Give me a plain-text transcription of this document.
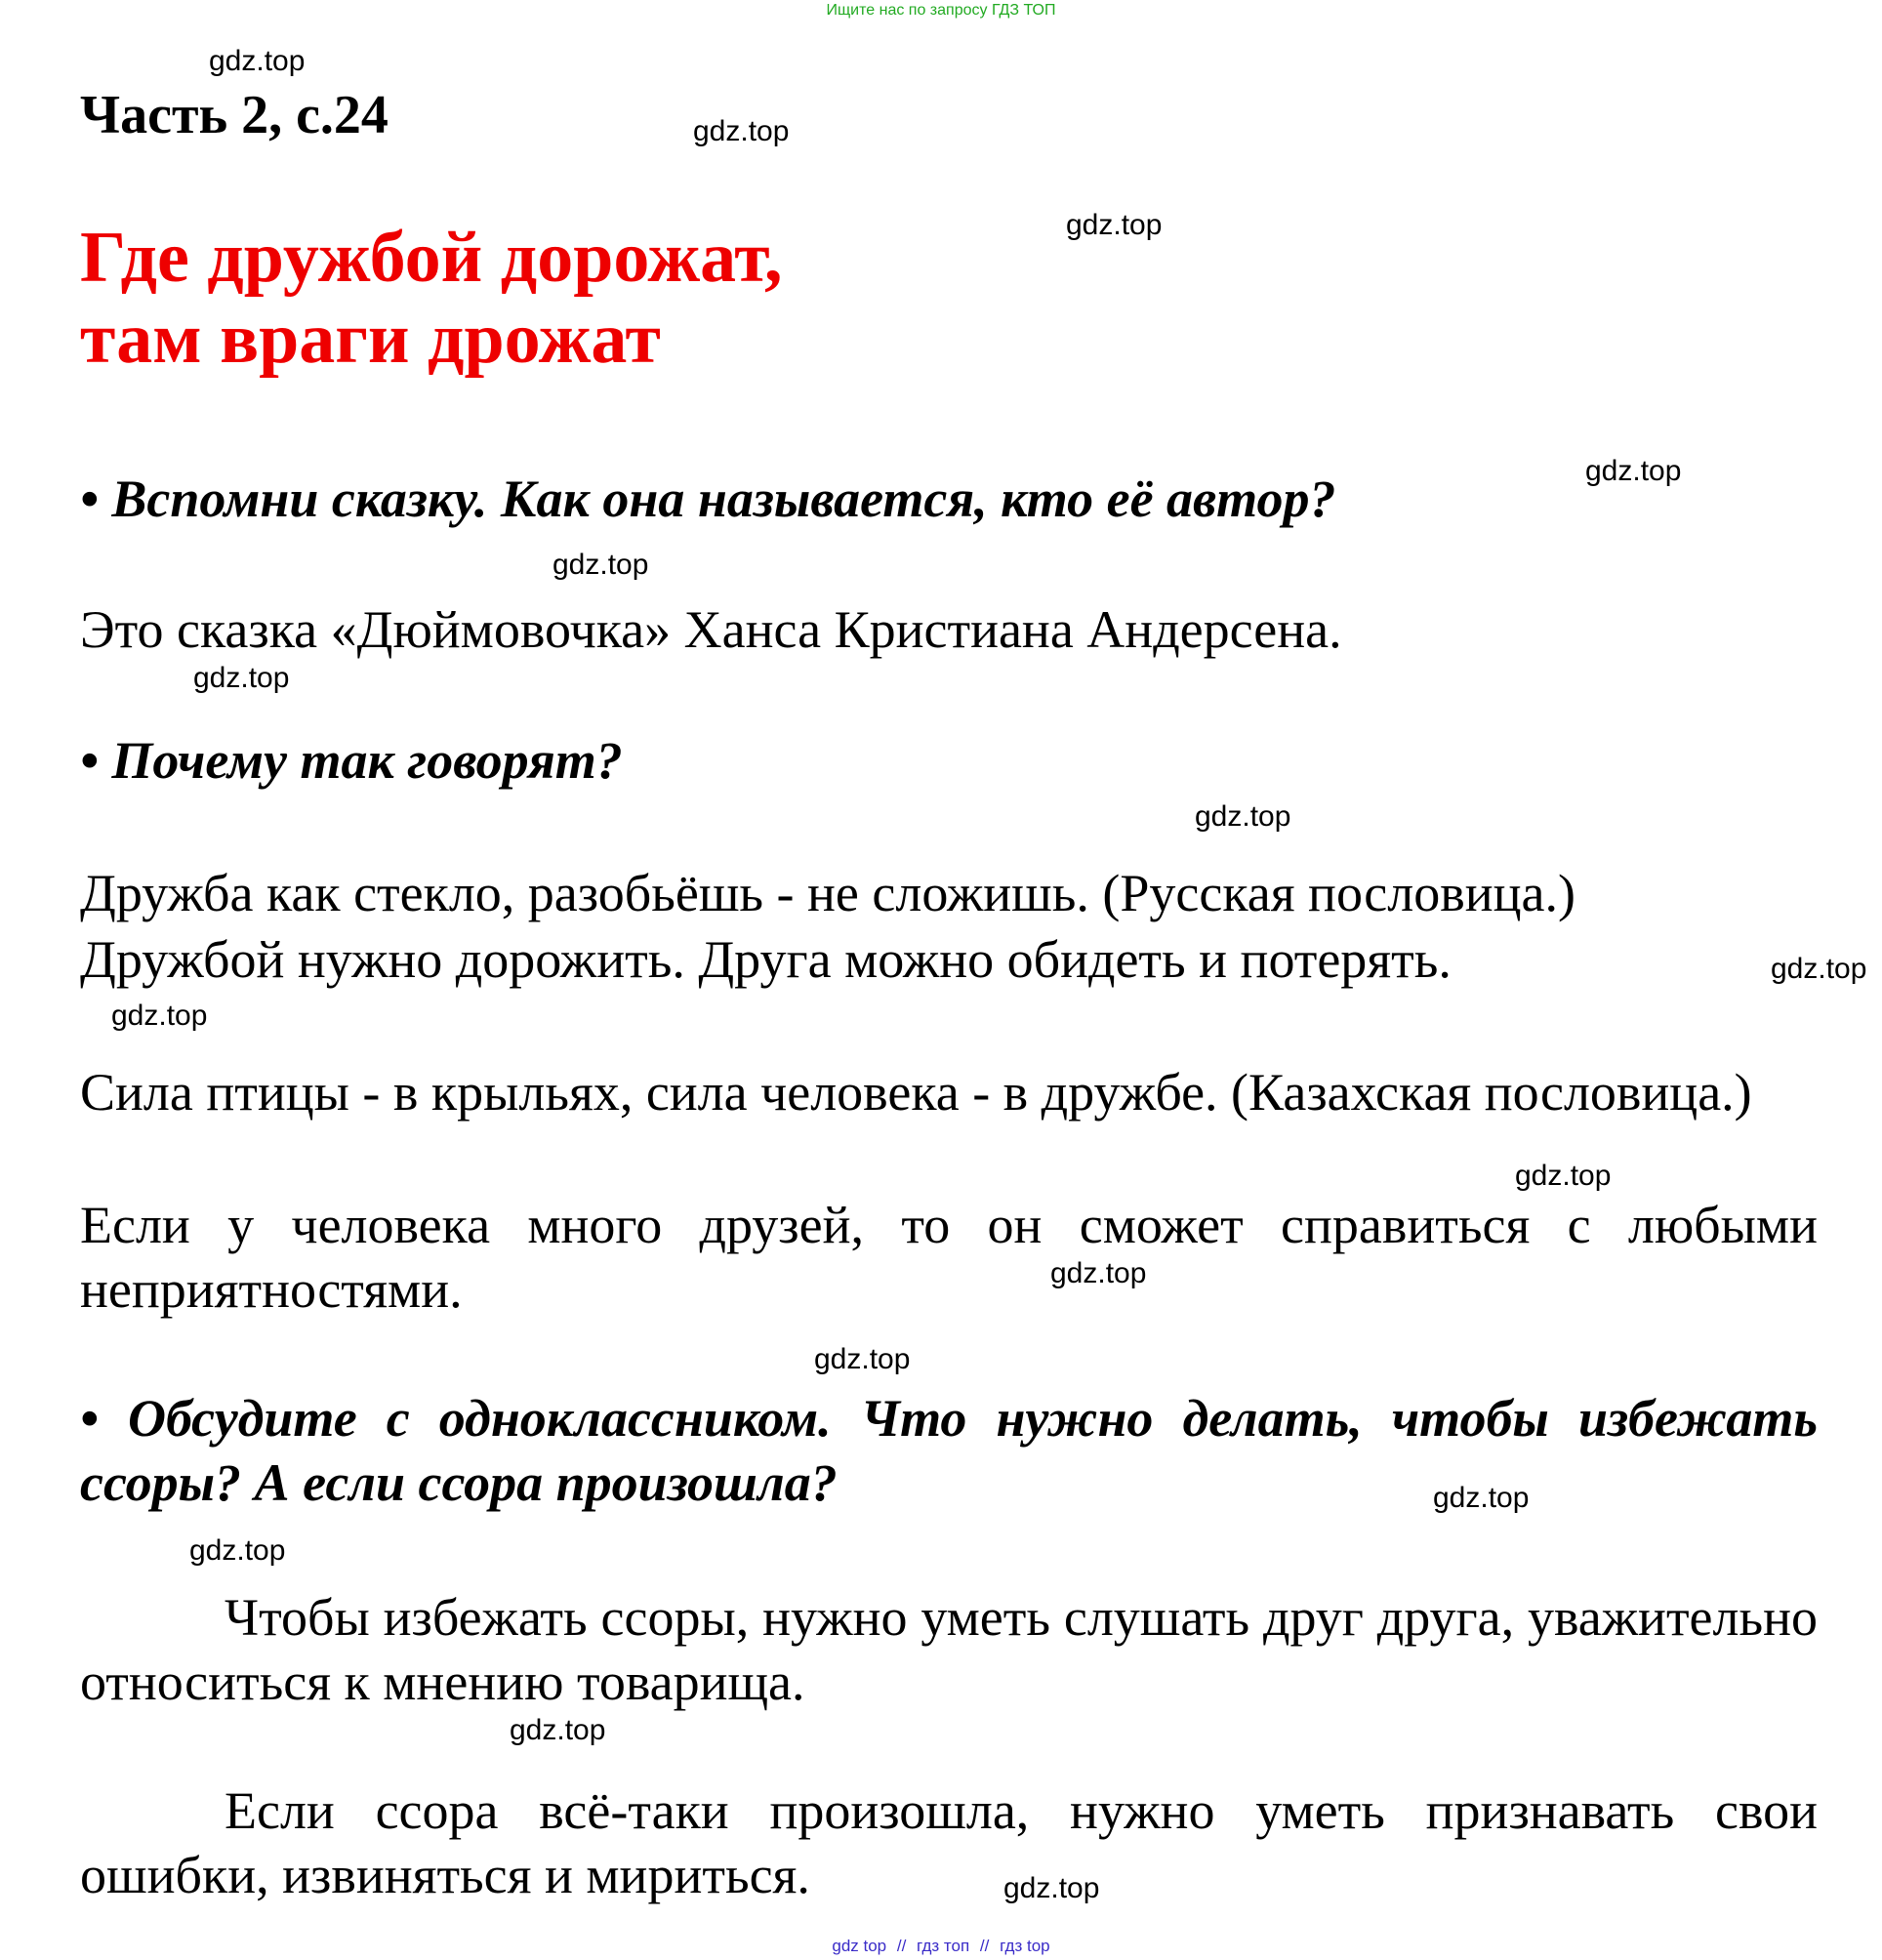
Ищите нас по запросу ГДЗ ТОП
Часть 2, с.24
Где дружбой дорожат,
там враги дрожат
• Вспомни сказку. Как она называется, кто её автор?
Это сказка «Дюймовочка» Ханса Кристиана Андерсена.
• Почему так говорят?
Дружба как стекло, разобьёшь - не сложишь. (Русская пословица.)
Дружбой нужно дорожить. Друга можно обидеть и потерять.
Сила птицы - в крыльях, сила человека - в дружбе. (Казахская пословица.)
Если у человека много друзей, то он сможет справиться с любыми неприятностями.
• Обсудите с одноклассником. Что нужно делать, чтобы избежать ссоры? А если ссора произошла?
Чтобы избежать ссоры, нужно уметь слушать друг друга, уважительно относиться к мнению товарища.
Если ссора всё-таки произошла, нужно уметь признавать свои ошибки, извиняться и мириться.
gdz.top
gdz.top
gdz.top
gdz.top
gdz.top
gdz.top
gdz.top
gdz.top
gdz.top
gdz.top
gdz.top
gdz.top
gdz.top
gdz.top
gdz.top
gdz.top
gdz top // гдз топ // гдз top
